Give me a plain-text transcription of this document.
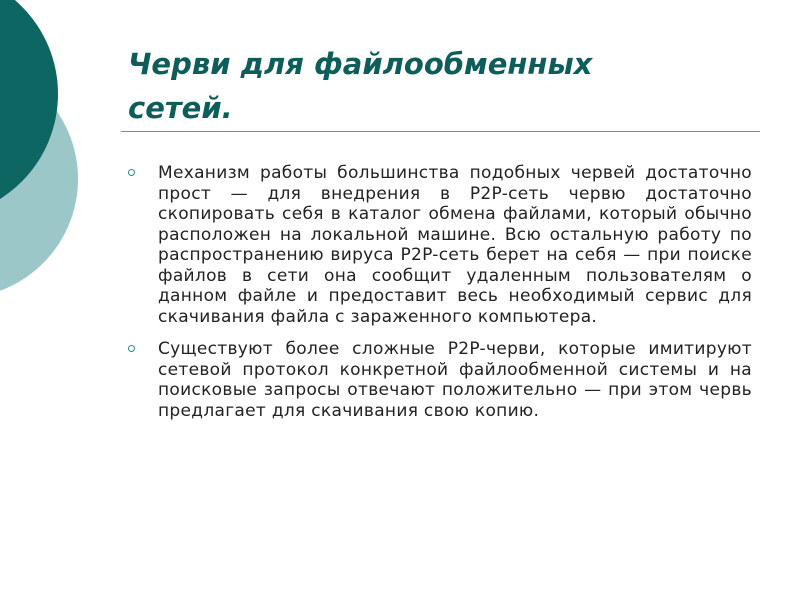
Черви для файлообменных
сетей.
Механизм работы большинства подобных червей достаточно прост — для внедрения в P2P-сеть червю достаточно скопировать себя в каталог обмена файлами, который обычно расположен на локальной машине. Всю остальную работу по распространению вируса P2P-сеть берет на себя — при поиске файлов в сети она сообщит удаленным пользователям о данном файле и предоставит весь необходимый сервис для скачивания файла с зараженного компьютера.
Существуют более сложные P2P-черви, которые имитируют сетевой протокол конкретной файлообменной системы и на поисковые запросы отвечают положительно — при этом червь предлагает для скачивания свою копию.
